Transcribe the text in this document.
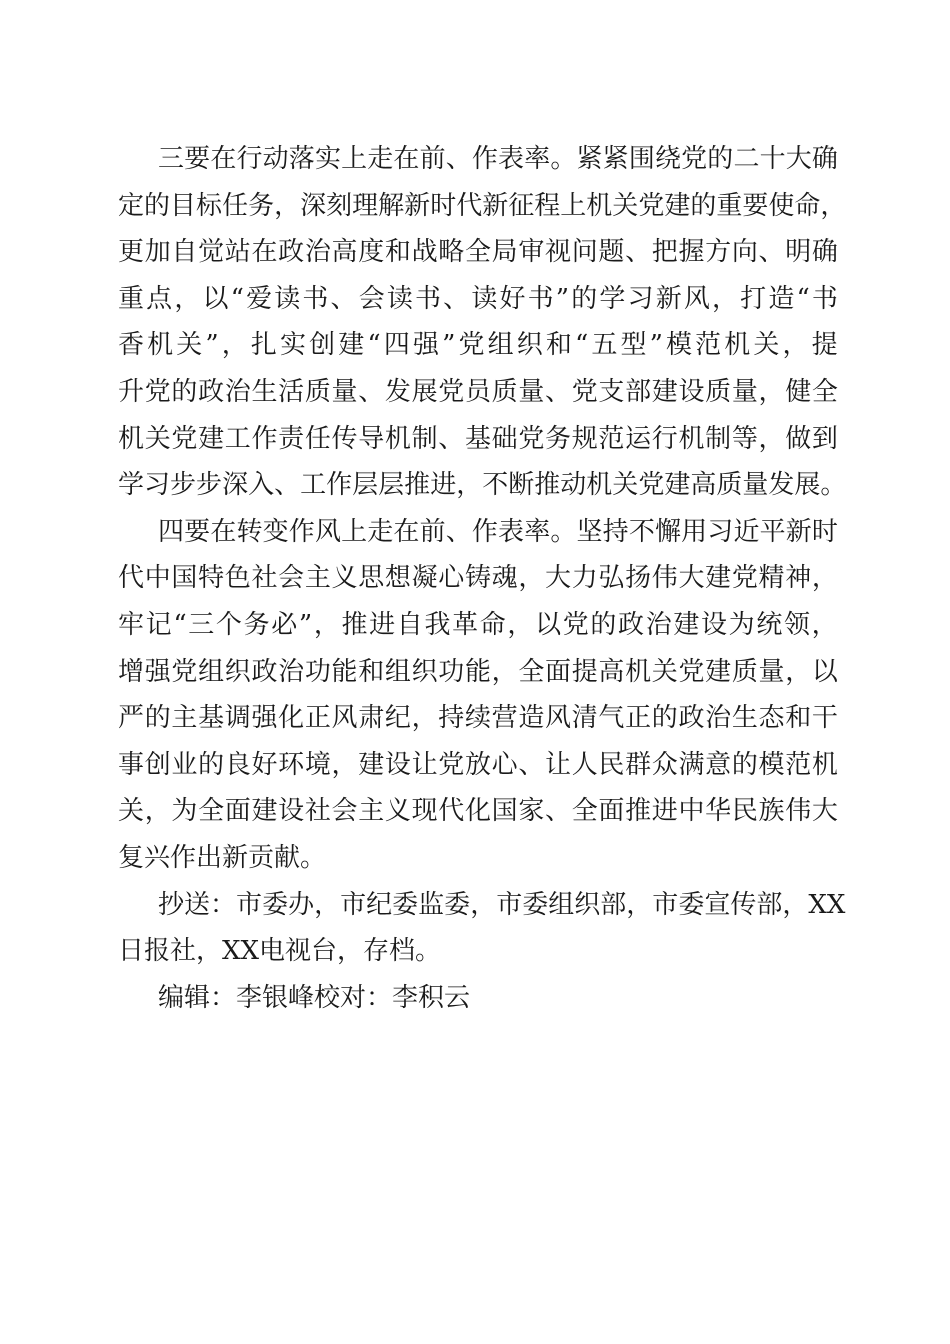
三 要 在 行 动 落 实 上 走 在 前 、 作 表 率 。 紧 紧 围 绕 党 的 二 十 大 确
定 的 目 标 任 务 ， 深 刻 理 解 新 时 代 新 征 程 上 机 关 党 建 的 重 要 使 命 ，
更 加 自 觉 站 在 政 治 高 度 和 战 略 全 局 审 视 问 题 、 把 握 方 向 、 明 确
重 点 ， 以 “ 爱 读 书 、 会 读 书 、 读 好 书 ” 的 学 习 新 风 ， 打 造 “ 书
香 机 关 ” ， 扎 实 创 建 “ 四 强 ” 党 组 织 和 “ 五 型 ” 模 范 机 关 ， 提
升 党 的 政 治 生 活 质 量 、 发 展 党 员 质 量 、 党 支 部 建 设 质 量 ， 健 全
机 关 党 建 工 作 责 任 传 导 机 制 、 基 础 党 务 规 范 运 行 机 制 等 ， 做 到
学 习 步 步 深 入 、 工 作 层 层 推 进 ， 不 断 推 动 机 关 党 建 高 质 量 发 展 。
四 要 在 转 变 作 风 上 走 在 前 、 作 表 率 。 坚 持 不 懈 用 习 近 平 新 时
代 中 国 特 色 社 会 主 义 思 想 凝 心 铸 魂 ， 大 力 弘 扬 伟 大 建 党 精 神 ，
牢 记 “ 三 个 务 必 ” ， 推 进 自 我 革 命 ， 以 党 的 政 治 建 设 为 统 领 ，
增 强 党 组 织 政 治 功 能 和 组 织 功 能 ， 全 面 提 高 机 关 党 建 质 量 ， 以
严 的 主 基 调 强 化 正 风 肃 纪 ， 持 续 营 造 风 清 气 正 的 政 治 生 态 和 干
事 创 业 的 良 好 环 境 ， 建 设 让 党 放 心 、 让 人 民 群 众 满 意 的 模 范 机
关 ， 为 全 面 建 设 社 会 主 义 现 代 化 国 家 、 全 面 推 进 中 华 民 族 伟 大
复兴作出新贡献。
抄 送 ： 市 委 办 ， 市 纪 委 监 委 ， 市 委 组 织 部 ， 市 委 宣 传 部 ， X X
日报社，XX电视台，存档。
编辑：李银峰校对：李积云
